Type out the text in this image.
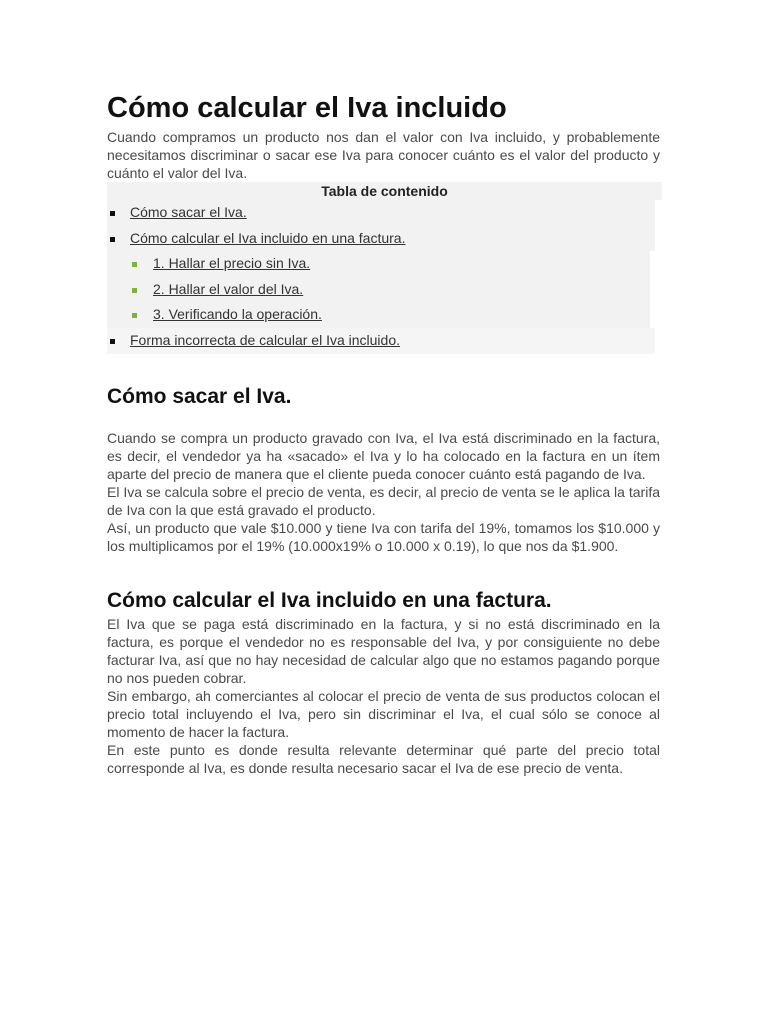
Cómo calcular el Iva incluido

Cuando compramos un producto nos dan el valor con Iva incluido, y probablemente necesitamos discriminar o sacar ese Iva para conocer cuánto es el valor del producto y cuánto el valor del Iva.

Tabla de contenido
Cómo sacar el Iva.
Cómo calcular el Iva incluido en una factura.
1. Hallar el precio sin Iva.
2. Hallar el valor del Iva.
3. Verificando la operación.
Forma incorrecta de calcular el Iva incluido.
Cómo sacar el Iva.

Cuando se compra un producto gravado con Iva, el Iva está discriminado en la factura, es decir, el vendedor ya ha «sacado» el Iva y lo ha colocado en la factura en un ítem aparte del precio de manera que el cliente pueda conocer cuánto está pagando de Iva.

El Iva se calcula sobre el precio de venta, es decir, al precio de venta se le aplica la tarifa de Iva con la que está gravado el producto.

Así, un producto que vale $10.000 y tiene Iva con tarifa del 19%, tomamos los $10.000 y los multiplicamos por el 19% (10.000x19% o 10.000 x 0.19), lo que nos da $1.900.

Cómo calcular el Iva incluido en una factura.

El Iva que se paga está discriminado en la factura, y si no está discriminado en la factura, es porque el vendedor no es responsable del Iva, y por consiguiente no debe facturar Iva, así que no hay necesidad de calcular algo que no estamos pagando porque no nos pueden cobrar.

Sin embargo, ah comerciantes al colocar el precio de venta de sus productos colocan el precio total incluyendo el Iva, pero sin discriminar el Iva, el cual sólo se conoce al momento de hacer la factura.

En este punto es donde resulta relevante determinar qué parte del precio total corresponde al Iva, es donde resulta necesario sacar el Iva de ese precio de venta.
